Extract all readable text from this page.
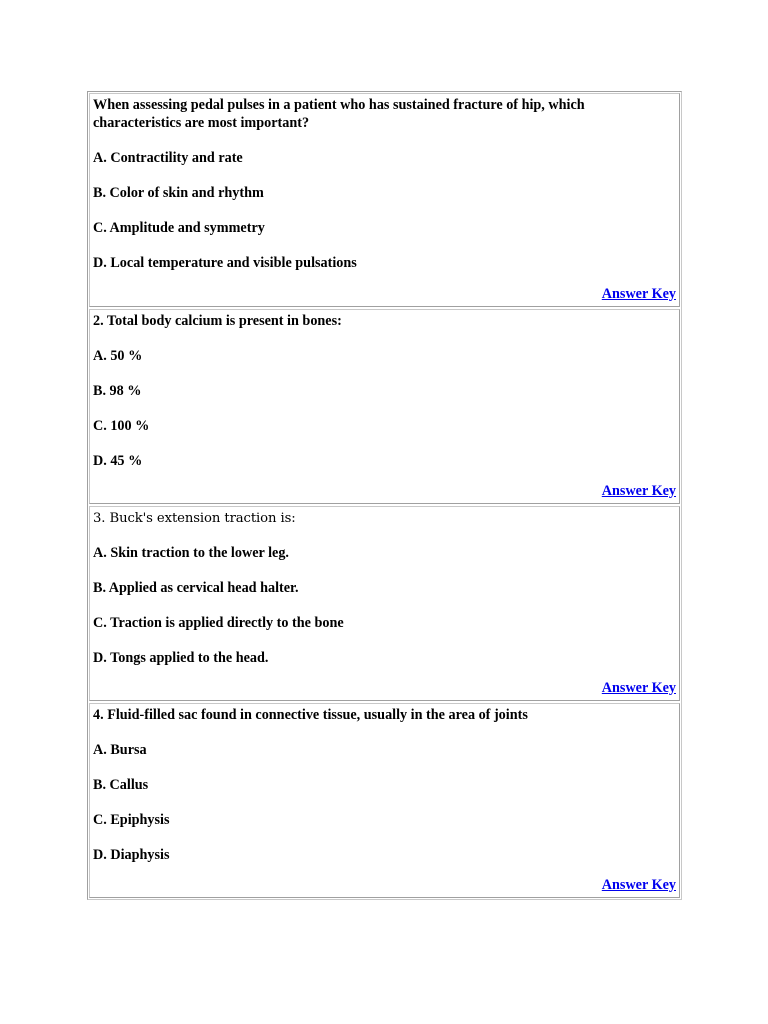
When assessing pedal pulses in a patient who has sustained fracture of hip, which characteristics are most important?

A. Contractility and rate

B. Color of skin and rhythm

C. Amplitude and symmetry

D. Local temperature and visible pulsations

Answer Key

2. Total body calcium is present in bones:

A. 50 %

B. 98 %

C. 100 %

D. 45 %

Answer Key

3. Buck's extension traction is:

A. Skin traction to the lower leg.

B. Applied as cervical head halter.

C. Traction is applied directly to the bone

D. Tongs applied to the head.

Answer Key

4. Fluid-filled sac found in connective tissue, usually in the area of joints

A. Bursa

B. Callus

C. Epiphysis

D. Diaphysis

Answer Key
